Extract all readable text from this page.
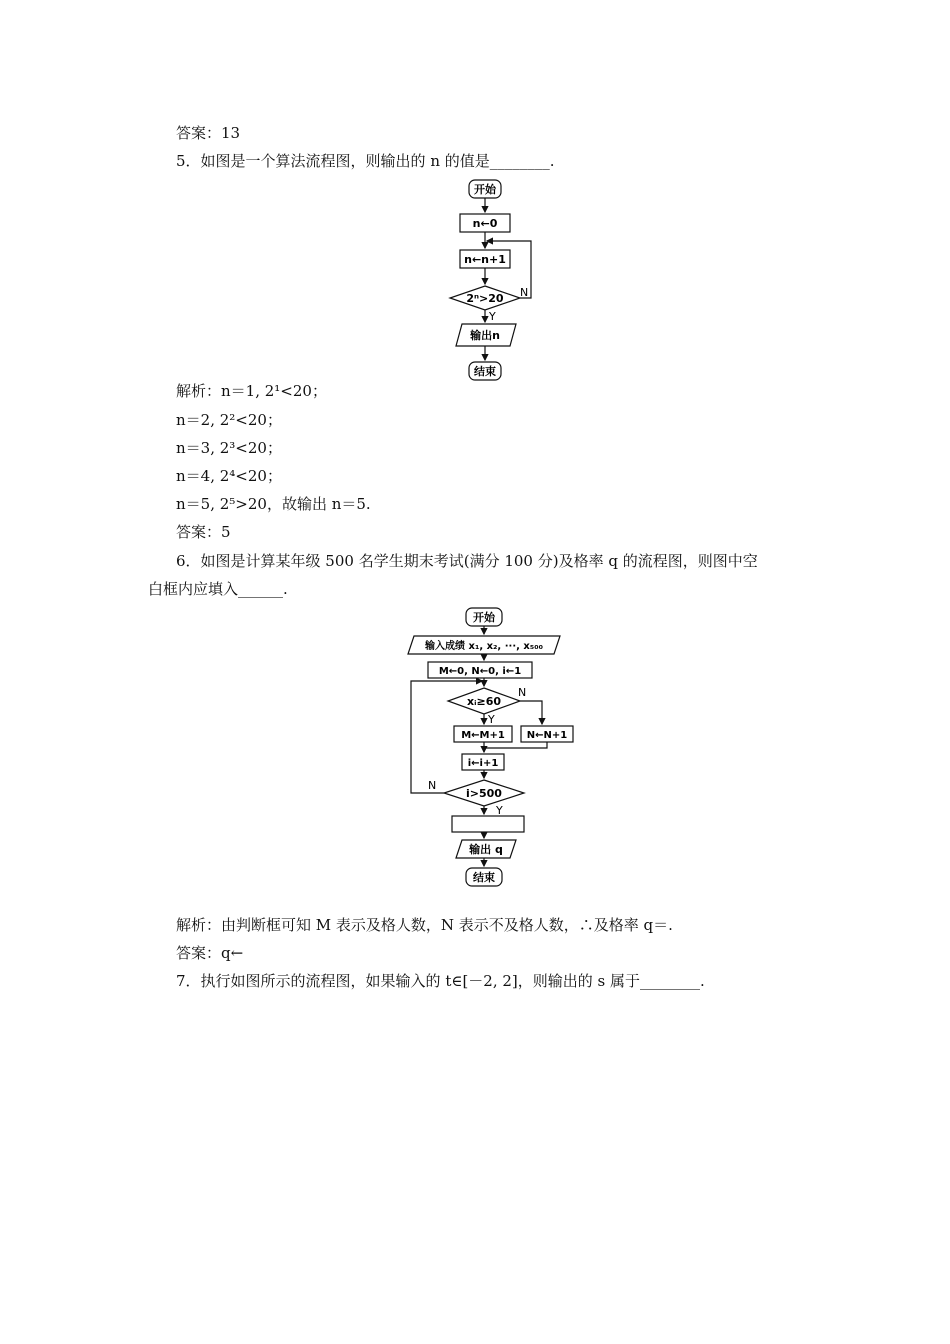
答案：13
5．如图是一个算法流程图，则输出的 n 的值是________.
开始
n←0
n←n+1
2ⁿ>20 N
Y
输出n
结束
解析：n＝1, 2¹<20；
n＝2, 2²<20；
n＝3, 2³<20；
n＝4, 2⁴<20；
n＝5, 2⁵>20，故输出 n＝5.
答案：5
6．如图是计算某年级 500 名学生期末考试(满分 100 分)及格率 q 的流程图，则图中空
白框内应填入______.
开始
输入成绩 x₁, x₂, ···, x₅₀₀
M←0, N←0, i←1
xᵢ≥60
Y
N
M←M+1 N←N+1
i←i+1
i>500
N
Y
输出 q
结束
解析：由判断框可知 M 表示及格人数，N 表示不及格人数，∴及格率 q＝.
答案：q←
7．执行如图所示的流程图，如果输入的 t∈[－2, 2]，则输出的 s 属于________.
